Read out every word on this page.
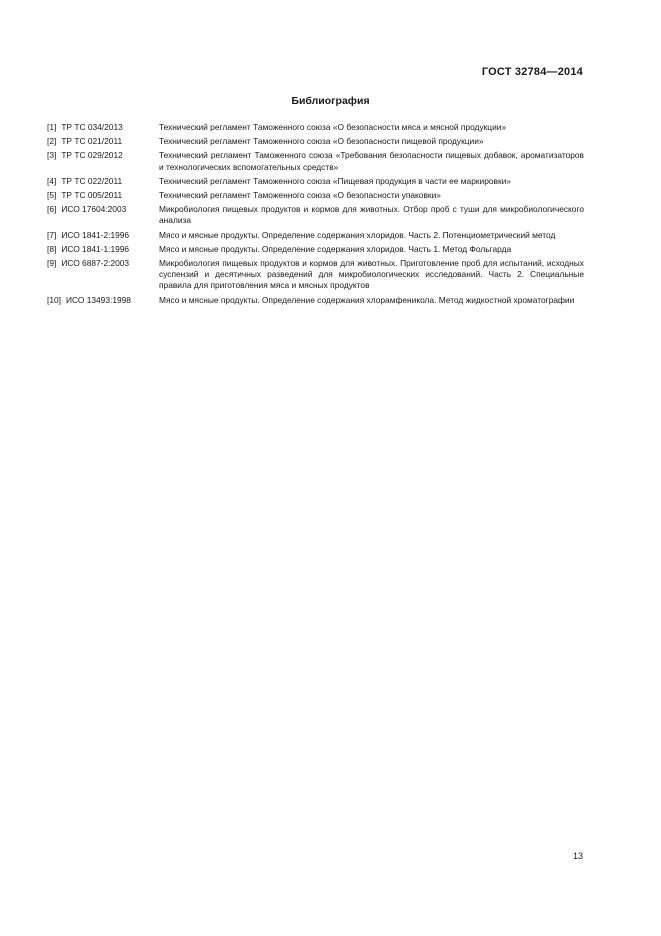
ГОСТ 32784—2014
Библиография
[1] ТР ТС 034/2013	Технический регламент Таможенного союза «О безопасности мяса и мясной продукции»
[2] ТР ТС 021/2011	Технический регламент Таможенного союза «О безопасности пищевой продукции»
[3] ТР ТС 029/2012	Технический регламент Таможенного союза «Требования безопасности пищевых добавок, ароматизаторов и технологических вспомогательных средств»
[4] ТР ТС 022/2011	Технический регламент Таможенного союза «Пищевая продукция в части ее маркировки»
[5] ТР ТС 005/2011	Технический регламент Таможенного союза «О безопасности упаковки»
[6] ИСО 17604:2003	Микробиология пищевых продуктов и кормов для животных. Отбор проб с туши для микробиологического анализа
[7] ИСО 1841-2:1996	Мясо и мясные продукты. Определение содержания хлоридов. Часть 2. Потенциометрический метод
[8] ИСО 1841-1:1996	Мясо и мясные продукты. Определение содержания хлоридов. Часть 1. Метод Фольгарда
[9] ИСО 6887-2:2003	Микробиология пищевых продуктов и кормов для животных. Приготовление проб для испытаний, исходных суспензий и десятичных разведений для микробиологических исследований. Часть 2. Специальные правила для приготовления мяса и мясных продуктов
[10] ИСО 13493:1998	Мясо и мясные продукты. Определение содержания хлорамфеникола. Метод жидкостной хроматографии
13
